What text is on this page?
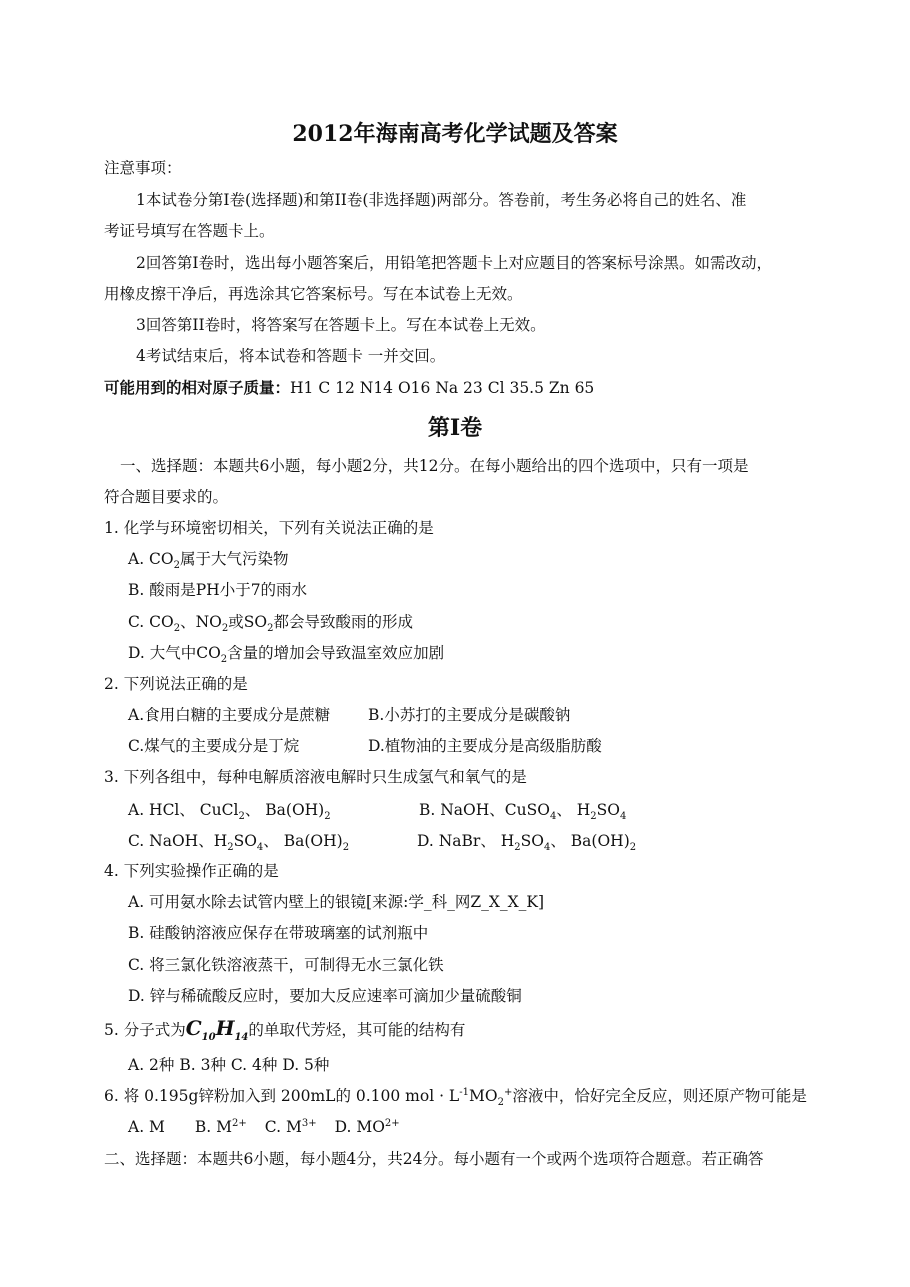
2012年海南高考化学试题及答案
注意事项：
1本试卷分第Ⅰ卷(选择题)和第II卷(非选择题)两部分。答卷前，考生务必将自己的姓名、准
考证号填写在答题卡上。
2回答第Ⅰ卷时，选出每小题答案后，用铅笔把答题卡上对应题目的答案标号涂黑。如需改动，
用橡皮擦干净后，再选涂其它答案标号。写在本试卷上无效。
3回答第II卷时，将答案写在答题卡上。写在本试卷上无效。
4考试结束后，将本试卷和答题卡 一并交回。
可能用到的相对原子质量：H1 C 12 N14 O16 Na 23 Cl 35.5 Zn 65
第Ⅰ卷
一、选择题：本题共6小题，每小题2分，共12分。在每小题给出的四个选项中，只有一项是
符合题目要求的。
1. 化学与环境密切相关，下列有关说法正确的是
A. $CO_2$属于大气污染物
B. 酸雨是PH小于7的雨水
C. $CO_2$、$NO_2$或$SO_2$都会导致酸雨的形成
D. 大气中$CO_2$含量的增加会导致温室效应加剧
2. 下列说法正确的是
A.食用白糖的主要成分是蔗糖 B.小苏打的主要成分是碳酸钠
C.煤气的主要成分是丁烷	D.植物油的主要成分是高级脂肪酸
3. 下列各组中，每种电解质溶液电解时只生成氢气和氧气的是
A. HCl、 CuCl$_2$、 $Ba(OH)_2$	B. NaOH、CuSO$_4$、 $H_2SO_4$
C. NaOH、$H_2SO_4$、 $Ba(OH)_2$	D. NaBr、 $H_2SO_4$、 $Ba(OH)_2$
4. 下列实验操作正确的是
A. 可用氨水除去试管内壁上的银镜[来源:学_科_网Z_X_X_K]
B. 硅酸钠溶液应保存在带玻璃塞的试剂瓶中
C. 将三氯化铁溶液蒸干，可制得无水三氯化铁
D. 锌与稀硫酸反应时，要加大反应速率可滴加少量硫酸铜
5. 分子式为$C_{10}H_{14}$的单取代芳烃，其可能的结构有
A. 2种 B. 3种 C. 4种 D. 5种
6. 将 0.195g锌粉加入到 200mL的 0.100 mol · $L^{-1}MO_2^+$溶液中，恰好完全反应，则还原产物可能是
A. M B. $M^{2+}$ C. $M^{3+}$ D. $MO^{2+}$
二、选择题：本题共6小题，每小题4分，共24分。每小题有一个或两个选项符合题意。若正确答
